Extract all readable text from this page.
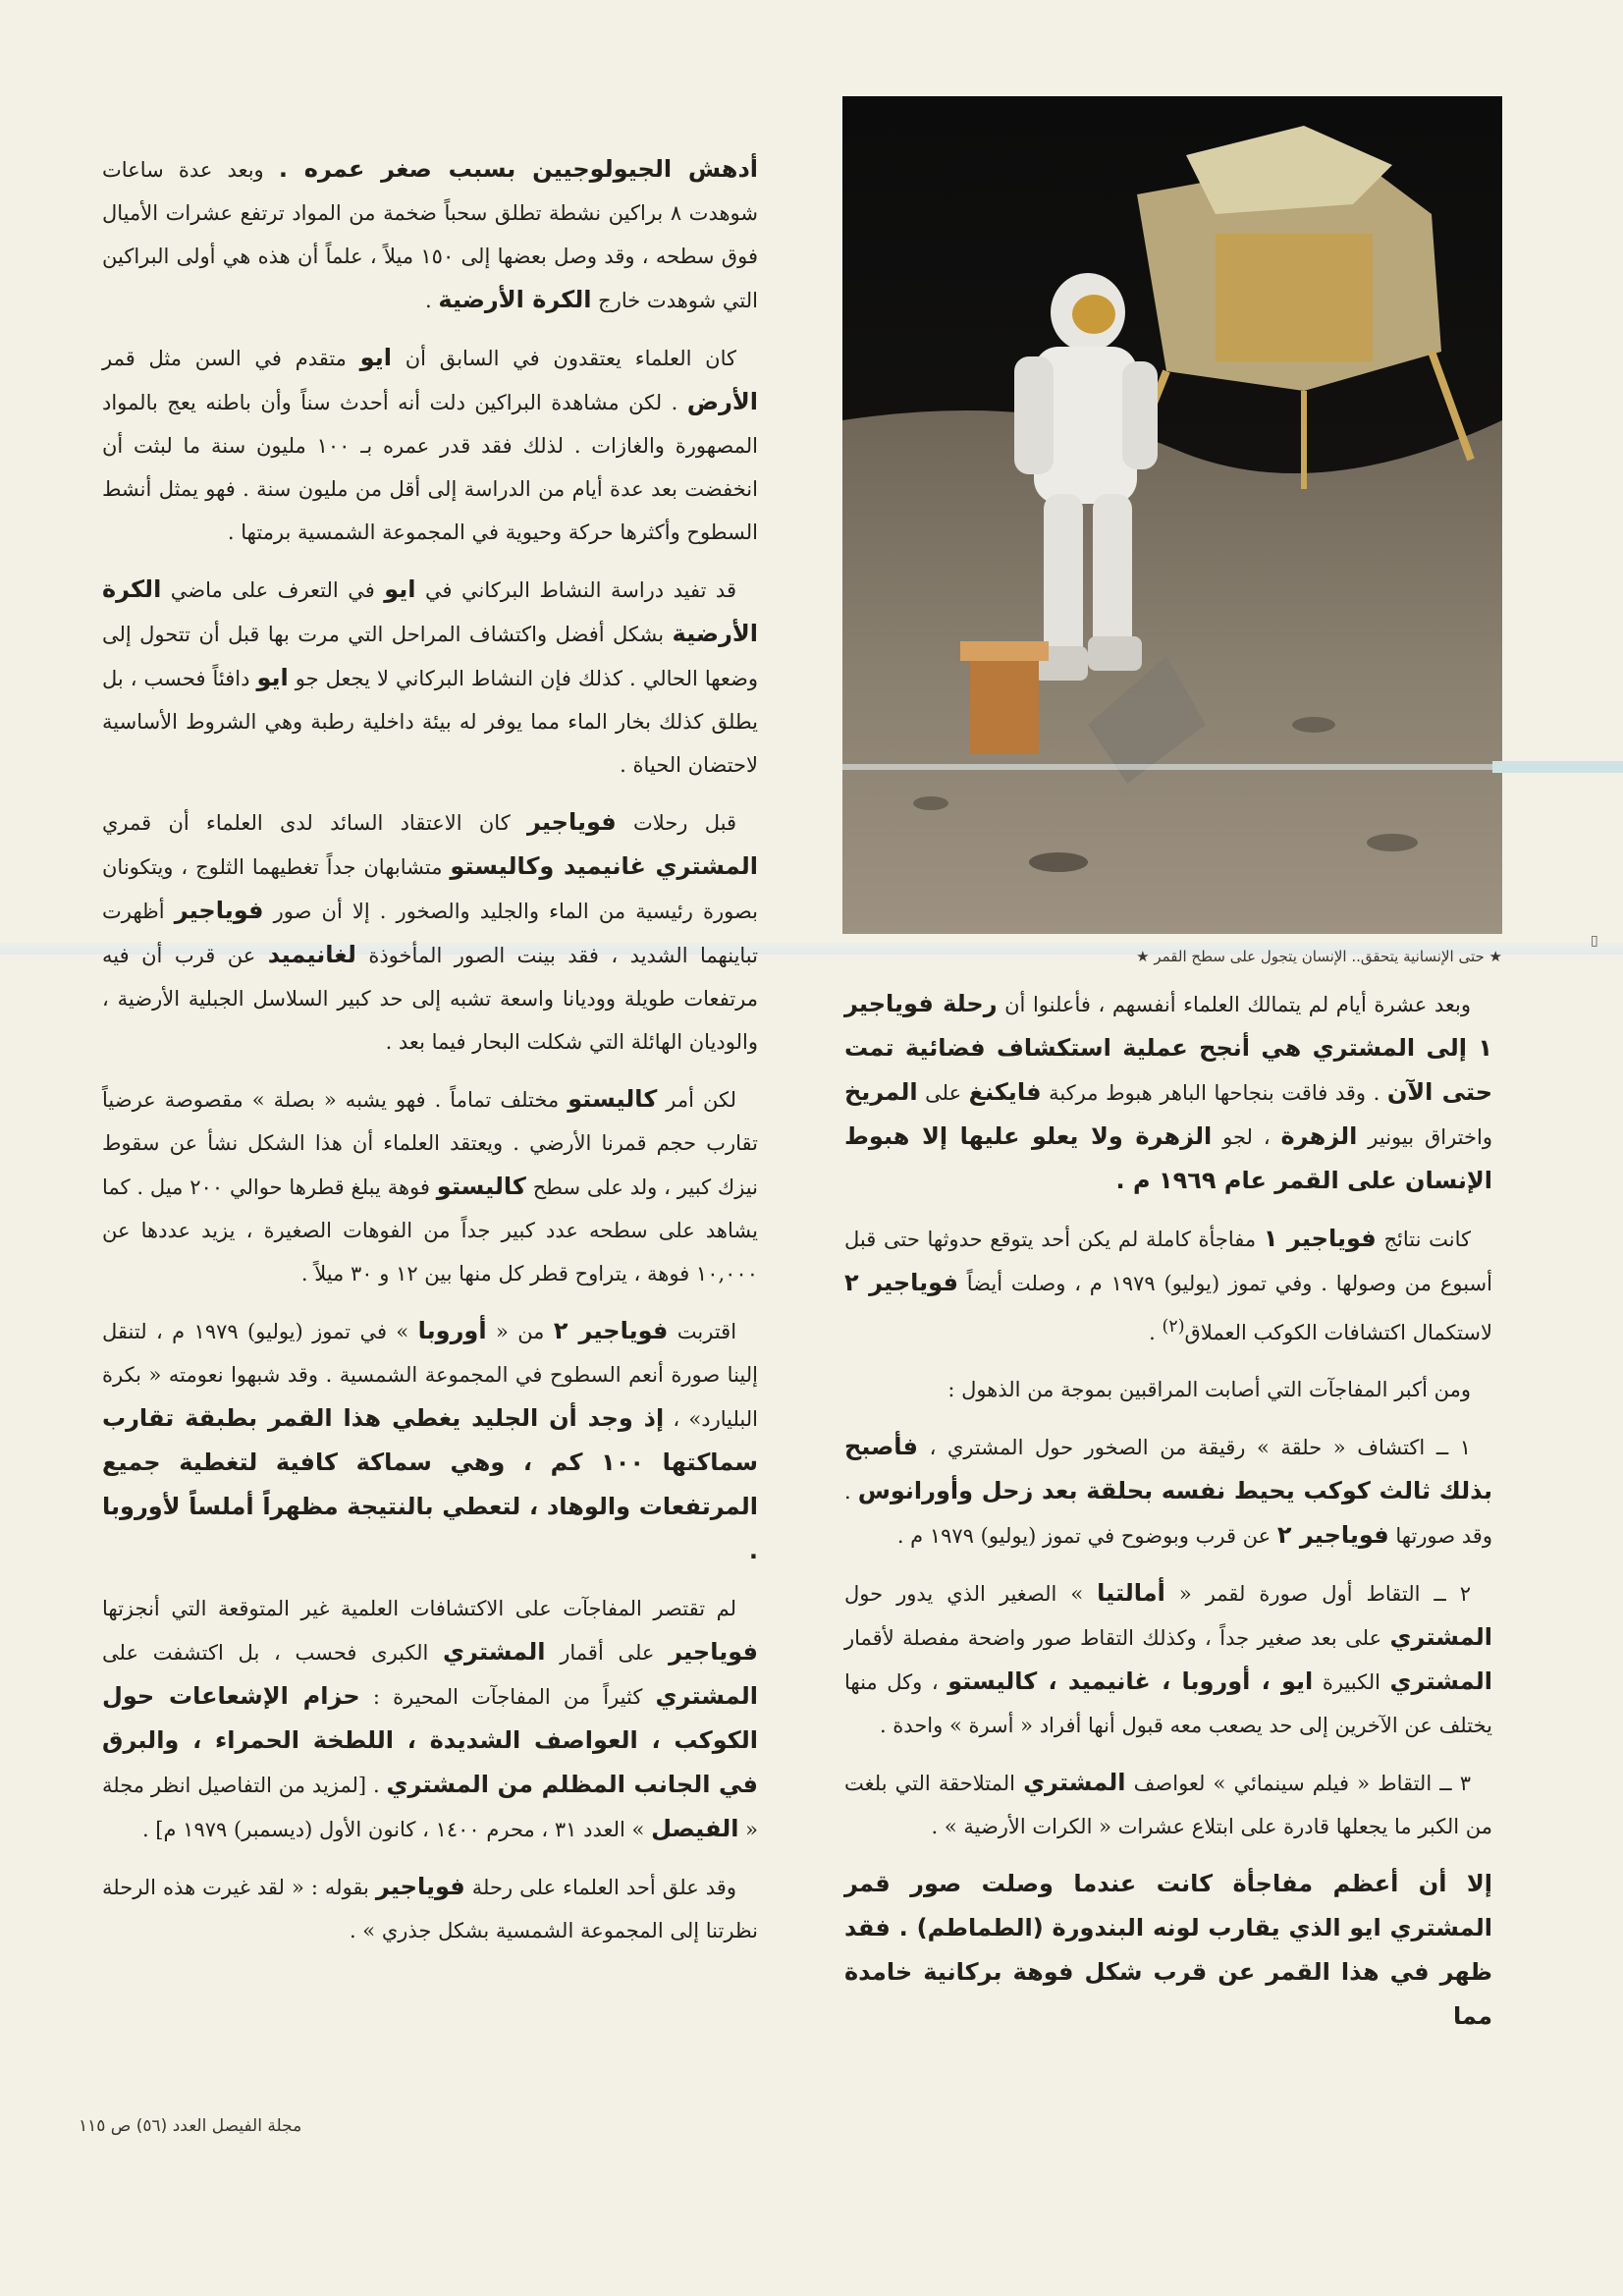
★ حتى الإنسانية يتحقق.. الإنسان يتجول على سطح القمر ★

أدهش الجيولوجيين بسبب صغر عمره . وبعد عدة ساعات شوهدت ٨ براكين نشطة تطلق سحباً ضخمة من المواد ترتفع عشرات الأميال فوق سطحه ، وقد وصل بعضها إلى ١٥٠ ميلاً ، علماً أن هذه هي أولى البراكين التي شوهدت خارج الكرة الأرضية .

كان العلماء يعتقدون في السابق أن ايو متقدم في السن مثل قمر الأرض . لكن مشاهدة البراكين دلت أنه أحدث سناً وأن باطنه يعج بالمواد المصهورة والغازات . لذلك فقد قدر عمره بـ ١٠٠ مليون سنة ما لبثت أن انخفضت بعد عدة أيام من الدراسة إلى أقل من مليون سنة . فهو يمثل أنشط السطوح وأكثرها حركة وحيوية في المجموعة الشمسية برمتها .

قد تفيد دراسة النشاط البركاني في ايو في التعرف على ماضي الكرة الأرضية بشكل أفضل واكتشاف المراحل التي مرت بها قبل أن تتحول إلى وضعها الحالي . كذلك فإن النشاط البركاني لا يجعل جو ايو دافئاً فحسب ، بل يطلق كذلك بخار الماء مما يوفر له بيئة داخلية رطبة وهي الشروط الأساسية لاحتضان الحياة .

قبل رحلات فوياجير كان الاعتقاد السائد لدى العلماء أن قمري المشتري غانيميد وكاليستو متشابهان جداً تغطيهما الثلوج ، ويتكونان بصورة رئيسية من الماء والجليد والصخور . إلا أن صور فوياجير أظهرت تباينهما الشديد ، فقد بينت الصور المأخوذة لغانيميد عن قرب أن فيه مرتفعات طويلة ووديانا واسعة تشبه إلى حد كبير السلاسل الجبلية الأرضية ، والوديان الهائلة التي شكلت البحار فيما بعد .

لكن أمر كاليستو مختلف تماماً . فهو يشبه « بصلة » مقصوصة عرضياً تقارب حجم قمرنا الأرضي . ويعتقد العلماء أن هذا الشكل نشأ عن سقوط نيزك كبير ، ولد على سطح كاليستو فوهة يبلغ قطرها حوالي ٢٠٠ ميل . كما يشاهد على سطحه عدد كبير جداً من الفوهات الصغيرة ، يزيد عددها عن ١٠,٠٠٠ فوهة ، يتراوح قطر كل منها بين ١٢ و ٣٠ ميلاً .

اقتربت فوياجير ٢ من « أوروبا » في تموز (يوليو) ١٩٧٩ م ، لتنقل إلينا صورة أنعم السطوح في المجموعة الشمسية . وقد شبهوا نعومته « بكرة البليارد» ، إذ وجد أن الجليد يغطي هذا القمر بطبقة تقارب سماكتها ١٠٠ كم ، وهي سماكة كافية لتغطية جميع المرتفعات والوهاد ، لتعطي بالنتيجة مظهراً أملساً لأوروبا .

لم تقتصر المفاجآت على الاكتشافات العلمية غير المتوقعة التي أنجزتها فوياجير على أقمار المشتري الكبرى فحسب ، بل اكتشفت على المشتري كثيراً من المفاجآت المحيرة : حزام الإشعاعات حول الكوكب ، العواصف الشديدة ، اللطخة الحمراء ، والبرق في الجانب المظلم من المشتري . [لمزيد من التفاصيل انظر مجلة « الفيصل » العدد ٣١ ، محرم ١٤٠٠ ، كانون الأول (ديسمبر) ١٩٧٩ م] .

وقد علق أحد العلماء على رحلة فوياجير بقوله : « لقد غيرت هذه الرحلة نظرتنا إلى المجموعة الشمسية بشكل جذري » .

وبعد عشرة أيام لم يتمالك العلماء أنفسهم ، فأعلنوا أن رحلة فوياجير ١ إلى المشتري هي أنجح عملية استكشاف فضائية تمت حتى الآن . وقد فاقت بنجاحها الباهر هبوط مركبة فايكنغ على المريخ واختراق بيونير الزهرة ، لجو الزهرة ولا يعلو عليها إلا هبوط الإنسان على القمر عام ١٩٦٩ م .

كانت نتائج فوياجير ١ مفاجأة كاملة لم يكن أحد يتوقع حدوثها حتى قبل أسبوع من وصولها . وفي تموز (يوليو) ١٩٧٩ م ، وصلت أيضاً فوياجير ٢ لاستكمال اكتشافات الكوكب العملاق$^{(٢)}$ .

ومن أكبر المفاجآت التي أصابت المراقبين بموجة من الذهول :

١ ــ اكتشاف « حلقة » رقيقة من الصخور حول المشتري ، فأصبح بذلك ثالث كوكب يحيط نفسه بحلقة بعد زحل وأورانوس . وقد صورتها فوياجير ٢ عن قرب وبوضوح في تموز (يوليو) ١٩٧٩ م .

٢ ــ التقاط أول صورة لقمر « أمالتيا » الصغير الذي يدور حول المشتري على بعد صغير جداً ، وكذلك التقاط صور واضحة مفصلة لأقمار المشتري الكبيرة ايو ، أوروبا ، غانيميد ، كاليستو ، وكل منها يختلف عن الآخرين إلى حد يصعب معه قبول أنها أفراد « أسرة » واحدة .

٣ ــ التقاط « فيلم سينمائي » لعواصف المشتري المتلاحقة التي بلغت من الكبر ما يجعلها قادرة على ابتلاع عشرات « الكرات الأرضية » .

إلا أن أعظم مفاجأة كانت عندما وصلت صور قمر المشتري ايو الذي يقارب لونه البندورة (الطماطم) . فقد ظهر في هذا القمر عن قرب شكل فوهة بركانية خامدة مما

مجلة الفيصل العدد (٥٦) ص ١١٥
▯
